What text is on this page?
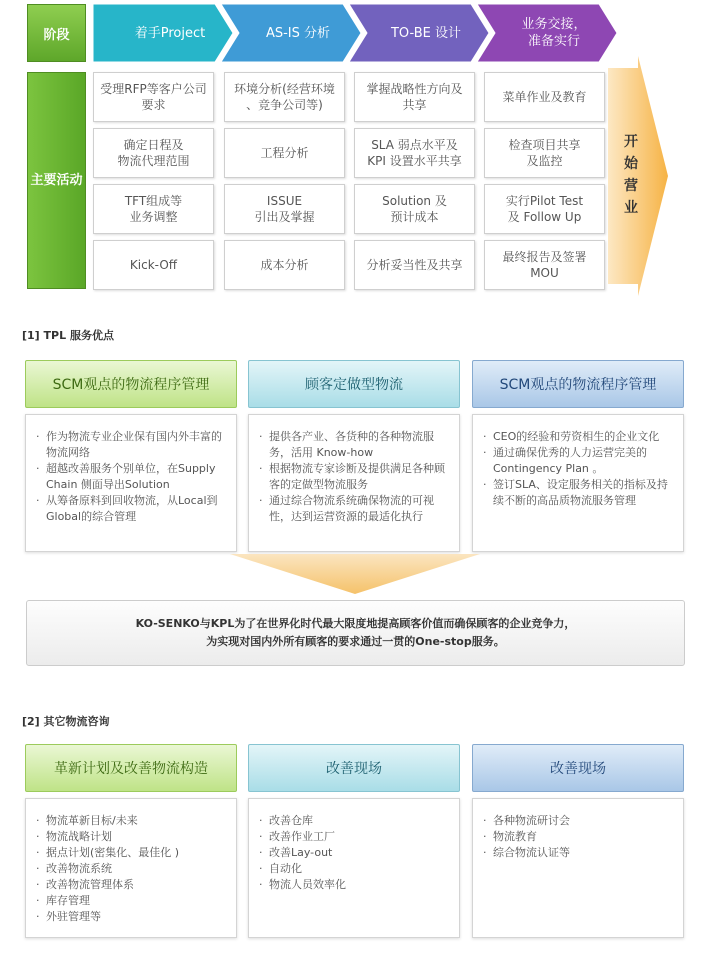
阶段
主 要 活 动

着手Project	AS-IS 分析	TO-BE 设计
业务交接，
准备实行
受理RFP等客户公司
要求
确定日程及
物流代理范围
TFT组成等
业务调整
Kick-Off
环境分析(经营环境
、竞争公司等)
工程分析
ISSUE
引出及掌握
成本分析
掌握战略性方向及
共享
SLA 弱点水平及
KPI 设置水平共享
Solution 及
预计成本
分析妥当性及共享
菜单作业及教育
检查项目共享
及监控
实行Pilot Test
及 Follow Up
最终报告及签署
MOU
开
始
营
业

[1] TPL 服务优点
SCM观点的物流程序管理
· 作为物流专业企业保有国内外丰富的物流网络
· 超越改善服务个别单位，在Supply Chain 侧面导出Solution
· 从筹备原料到回收物流，从Local到Global的综合管理
顾客定做型物流
· 提供各产业、各货种的各种物流服务，活用 Know-how
· 根据物流专家诊断及提供满足各种顾客的定做型物流服务
· 通过综合物流系统确保物流的可视性，达到运营资源的最适化执行
SCM观点的物流程序管理
· CEO的经验和劳资相生的企业文化
· 通过确保优秀的人力运营完美的Contingency Plan 。
· 签订SLA、设定服务相关的指标及持续不断的高品质物流服务管理
KO-SENKO与KPL为了在世界化时代最大限度地提高顾客价值而确保顾客的企业竞争力，
为实现对国内外所有顾客的要求通过一贯的One-stop服务。
[2] 其它物流咨询
革新计划及改善物流构造
· 物流革新目标/未来
· 物流战略计划
· 据点计划(密集化、最佳化 )
· 改善物流系统
· 改善物流管理体系
· 库存管理
· 外驻管理等
改善现场
· 改善仓库
· 改善作业工厂
· 改善Lay-out
· 自动化
· 物流人员效率化
改善现场
· 各种物流研讨会
· 物流教育
· 综合物流认证等
